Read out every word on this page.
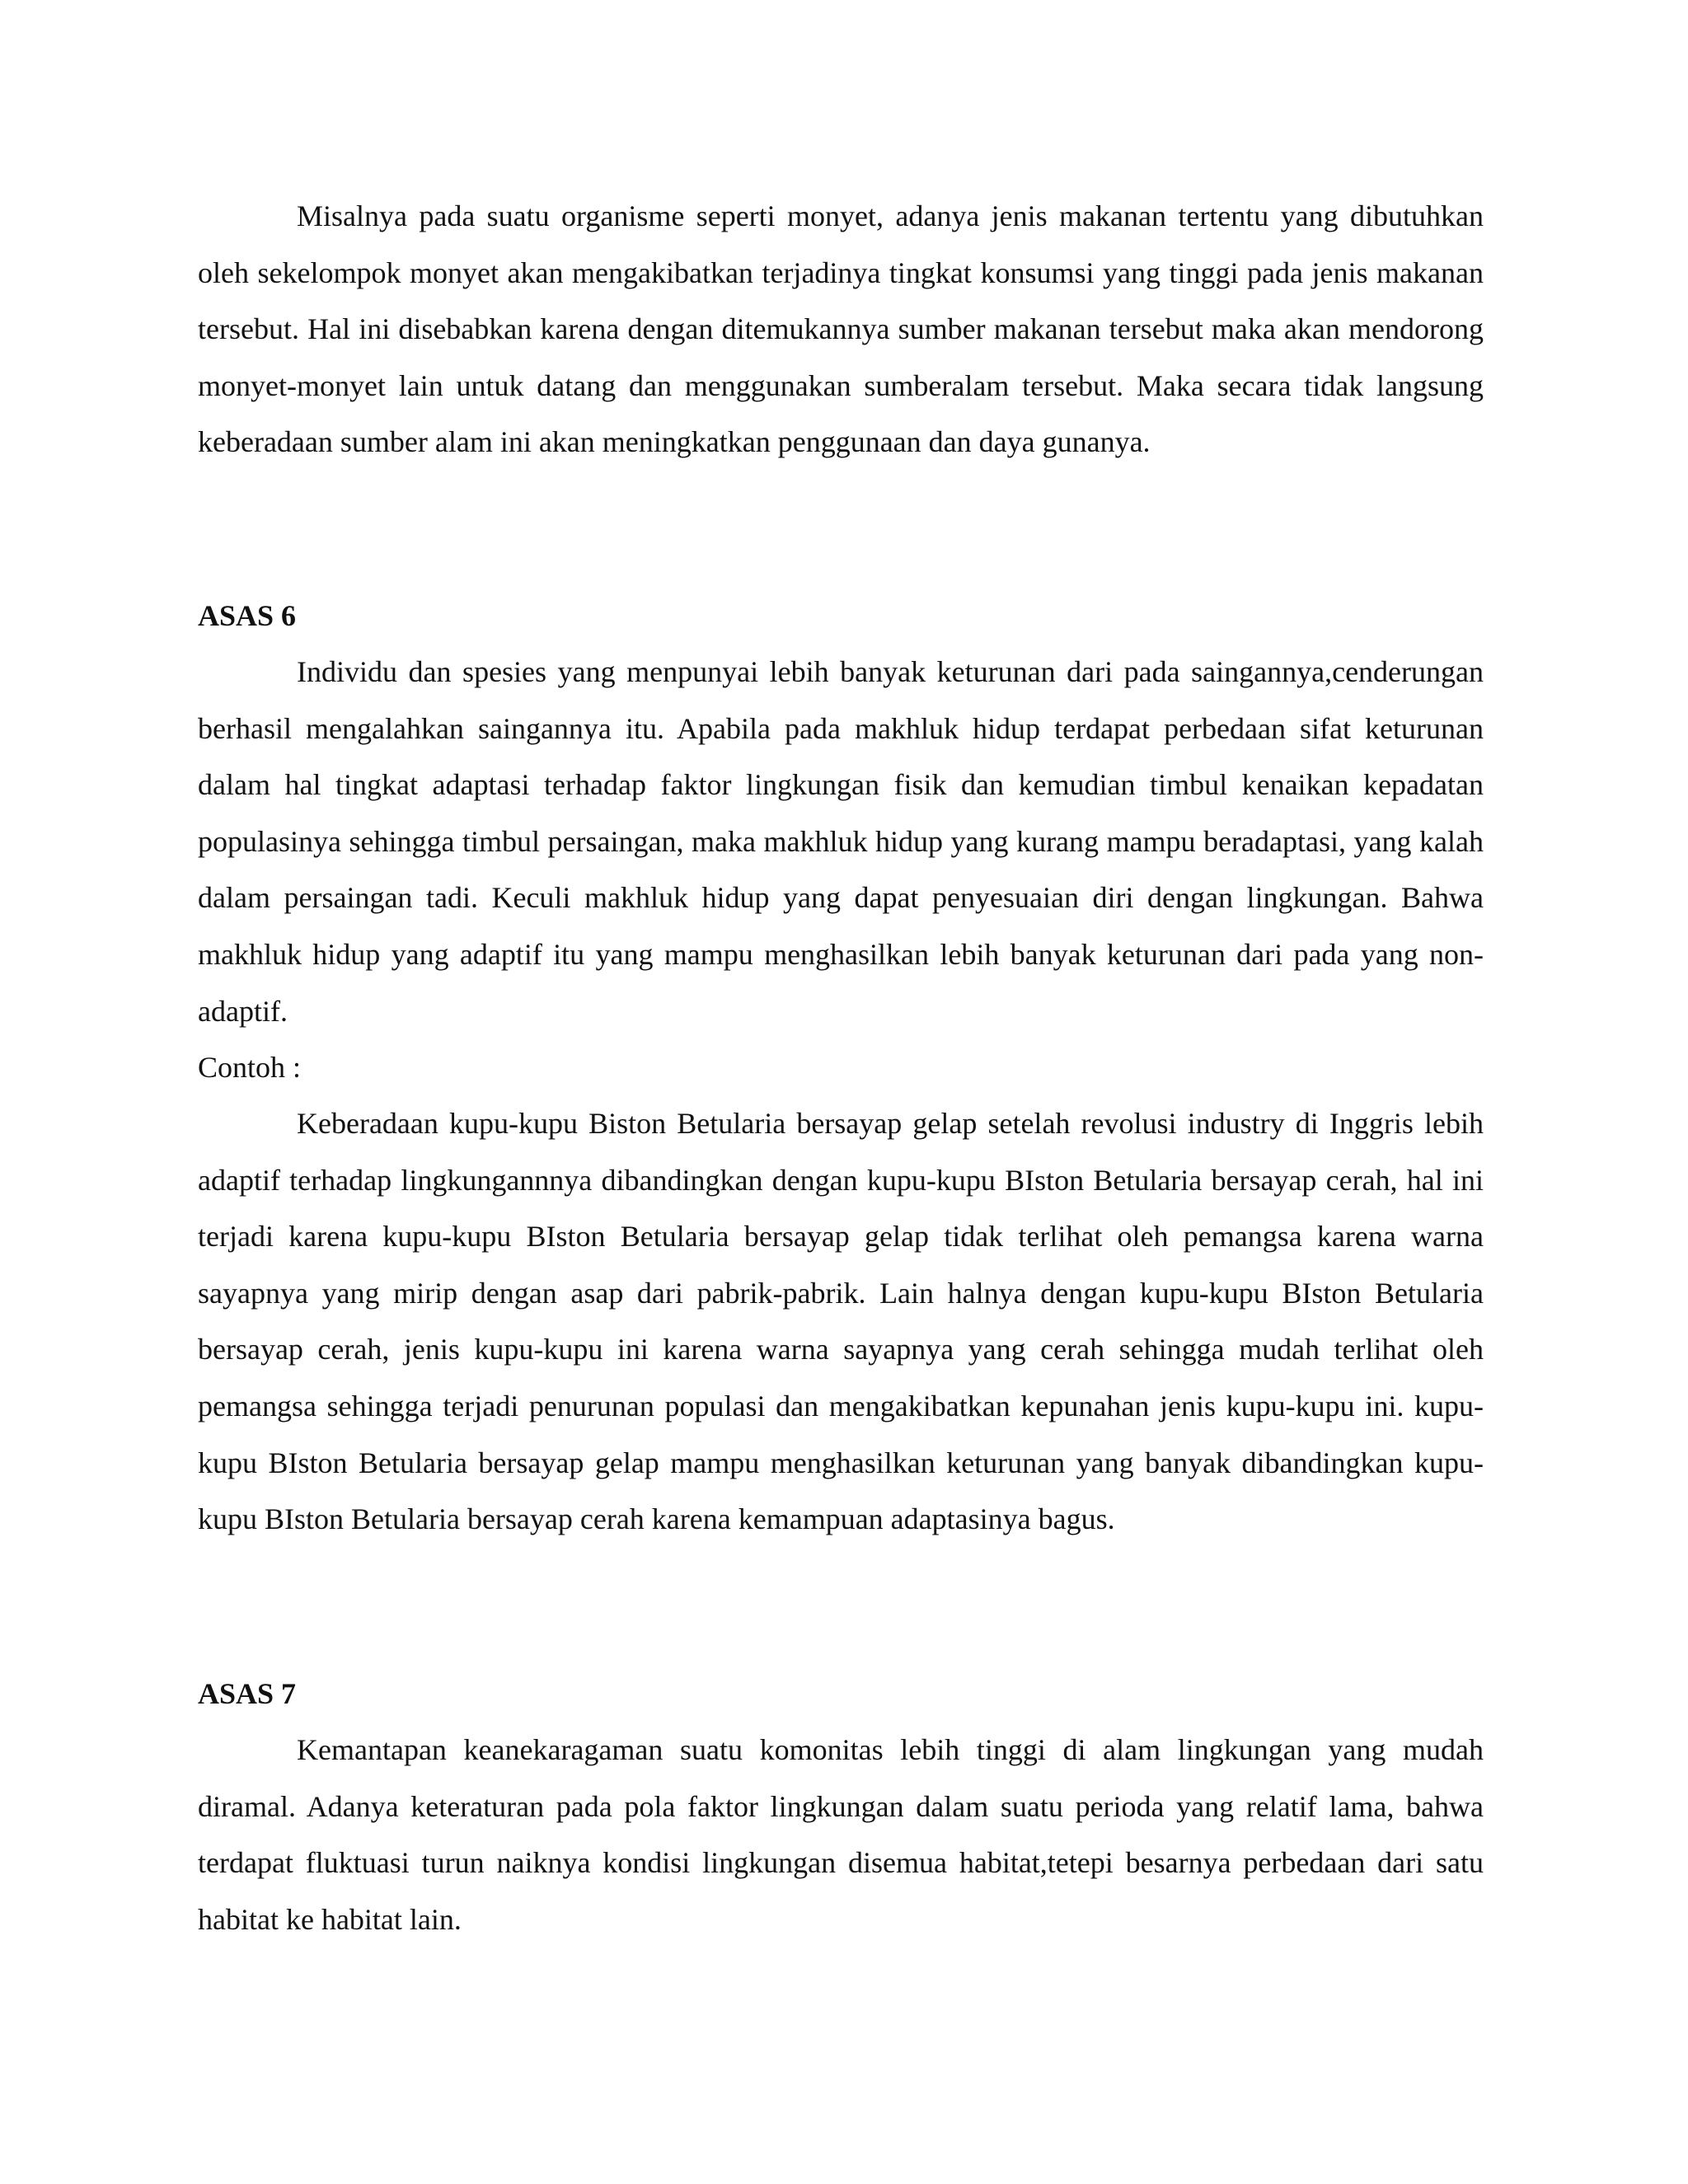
Misalnya pada suatu organisme seperti monyet, adanya jenis makanan tertentu yang dibutuhkan oleh sekelompok monyet akan mengakibatkan terjadinya tingkat konsumsi yang tinggi pada jenis makanan tersebut. Hal ini disebabkan karena dengan ditemukannya sumber makanan tersebut maka akan mendorong monyet-monyet lain untuk datang dan menggunakan sumberalam tersebut. Maka secara tidak langsung keberadaan sumber alam ini akan meningkatkan penggunaan dan daya gunanya.

ASAS 6

Individu dan spesies yang menpunyai lebih banyak keturunan dari pada saingannya,cenderungan berhasil mengalahkan saingannya itu. Apabila pada makhluk hidup terdapat perbedaan sifat keturunan dalam hal tingkat adaptasi terhadap faktor lingkungan fisik dan kemudian timbul kenaikan kepadatan populasinya sehingga timbul persaingan, maka makhluk hidup yang kurang mampu beradaptasi, yang kalah dalam persaingan tadi. Keculi makhluk hidup yang dapat penyesuaian diri dengan lingkungan. Bahwa makhluk hidup yang adaptif itu yang mampu menghasilkan lebih banyak keturunan dari pada yang non-adaptif.

Contoh :

Keberadaan kupu-kupu Biston Betularia bersayap gelap setelah revolusi industry di Inggris lebih adaptif terhadap lingkungannnya dibandingkan dengan kupu-kupu BIston Betularia bersayap cerah, hal ini terjadi karena kupu-kupu BIston Betularia bersayap gelap tidak terlihat oleh pemangsa karena warna sayapnya yang mirip dengan asap dari pabrik-pabrik. Lain halnya dengan kupu-kupu BIston Betularia bersayap cerah, jenis kupu-kupu ini karena warna sayapnya yang cerah sehingga mudah terlihat oleh pemangsa sehingga terjadi penurunan populasi dan mengakibatkan kepunahan jenis kupu-kupu ini. kupu-kupu BIston Betularia bersayap gelap mampu menghasilkan keturunan yang banyak dibandingkan kupu-kupu BIston Betularia bersayap cerah karena kemampuan adaptasinya bagus.

ASAS 7

Kemantapan keanekaragaman suatu komonitas lebih tinggi di alam lingkungan yang mudah diramal. Adanya keteraturan pada pola faktor lingkungan dalam suatu perioda yang relatif lama, bahwa terdapat fluktuasi turun naiknya kondisi lingkungan disemua habitat,tetepi besarnya perbedaan dari satu habitat ke habitat lain.
